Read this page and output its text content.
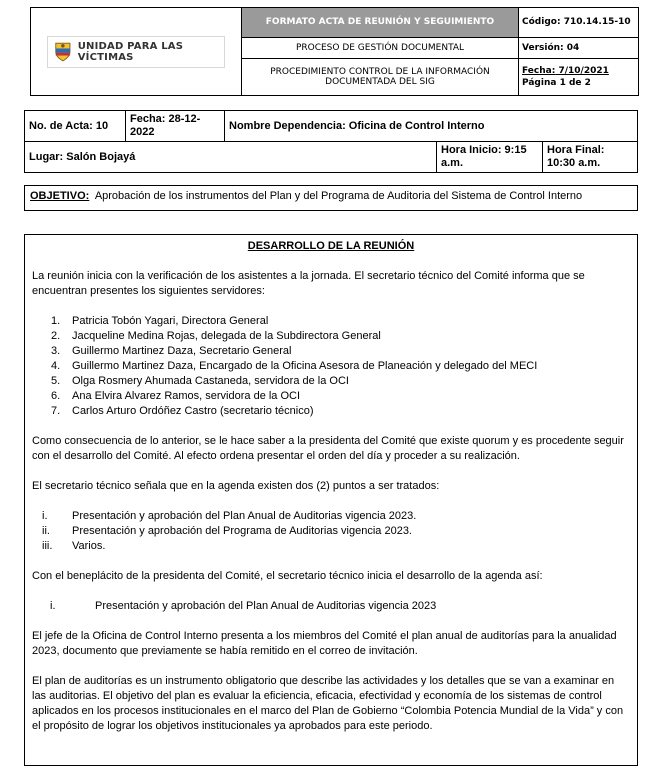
UNIDAD PARA LAS VÍCTIMAS	FORMATO ACTA DE REUNIÓN Y SEGUIMIENTO	Código: 710.14.15-10
	PROCESO DE GESTIÓN DOCUMENTAL	Versión: 04
	PROCEDIMIENTO CONTROL DE LA INFORMACIÓN DOCUMENTADA DEL SIG	Fecha: 7/10/2021
Página 1 de 2
No. de Acta: 10	Fecha: 28-12-2022	Nombre Dependencia: Oficina de Control Interno		
Lugar: Salón Bojayá			Hora Inicio: 9:15 a.m.	Hora Final: 10:30 a.m.
OBJETIVO: Aprobación de los instrumentos del Plan y del Programa de Auditoria del Sistema de Control Interno
DESARROLLO DE LA REUNIÓN

La reunión inicia con la verificación de los asistentes a la jornada. El secretario técnico del Comité informa que se encuentran presentes los siguientes servidores:

1. Patricia Tobón Yagari, Directora General
2. Jacqueline Medina Rojas, delegada de la Subdirectora General
3. Guillermo Martinez Daza, Secretario General
4. Guillermo Martinez Daza, Encargado de la Oficina Asesora de Planeación y delegado del MECI
5. Olga Rosmery Ahumada Castaneda, servidora de la OCI
6. Ana Elvira Alvarez Ramos, servidora de la OCI
7. Carlos Arturo Ordóñez Castro (secretario técnico)

Como consecuencia de lo anterior, se le hace saber a la presidenta del Comité que existe quorum y es procedente seguir con el desarrollo del Comité. Al efecto ordena presentar el orden del día y proceder a su realización.

El secretario técnico señala que en la agenda existen dos (2) puntos a ser tratados:

i. Presentación y aprobación del Plan Anual de Auditorias vigencia 2023.
ii. Presentación y aprobación del Programa de Auditorias vigencia 2023.
iii. Varios.

Con el beneplácito de la presidenta del Comité, el secretario técnico inicia el desarrollo de la agenda así:

i.	Presentación y aprobación del Plan Anual de Auditorias vigencia 2023

El jefe de la Oficina de Control Interno presenta a los miembros del Comité el plan anual de auditorías para la anualidad 2023, documento que previamente se había remitido en el correo de invitación.

El plan de auditorías es un instrumento obligatorio que describe las actividades y los detalles que se van a examinar en las auditorias. El objetivo del plan es evaluar la eficiencia, eficacia, efectividad y economía de los sistemas de control aplicados en los procesos institucionales en el marco del Plan de Gobierno “Colombia Potencia Mundial de la Vida” y con el propósito de lograr los objetivos institucionales ya aprobados para este periodo.
